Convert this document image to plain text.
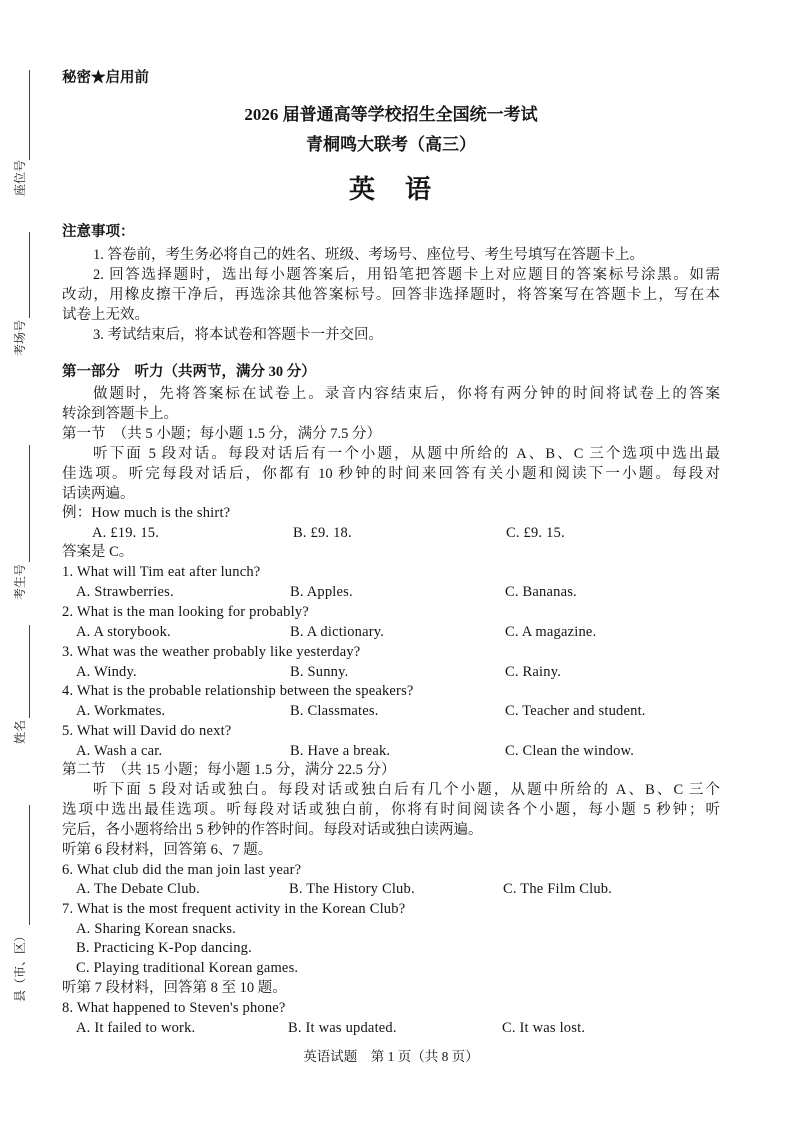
座位号
考场号
考生号
姓名
县（市、区）
秘密★启用前
2026 届普通高等学校招生全国统一考试
青桐鸣大联考（高三）
英　语
注意事项：
1. 答卷前，考生务必将自己的姓名、班级、考场号、座位号、考生号填写在答题卡上。
2. 回答选择题时，选出每小题答案后，用铅笔把答题卡上对应题目的答案标号涂黑。如需
改动，用橡皮擦干净后，再选涂其他答案标号。回答非选择题时，将答案写在答题卡上，写在本
试卷上无效。
3. 考试结束后，将本试卷和答题卡一并交回。
第一部分　听力（共两节，满分 30 分）
做题时，先将答案标在试卷上。录音内容结束后，你将有两分钟的时间将试卷上的答案
转涂到答题卡上。
第一节　（共 5 小题；每小题 1.5 分，满分 7.5 分）
听下面 5 段对话。每段对话后有一个小题，从题中所给的 A、B、C 三个选项中选出最
佳选项。听完每段对话后，你都有 10 秒钟的时间来回答有关小题和阅读下一小题。每段对
话读两遍。
例：How much is the shirt?
A. £19. 15.	B. £9. 18.	C. £9. 15.
答案是 C。
1. What will Tim eat after lunch?
A. Strawberries.	B. Apples.	C. Bananas.
2. What is the man looking for probably?
A. A storybook.	B. A dictionary.	C. A magazine.
3. What was the weather probably like yesterday?
A. Windy.	B. Sunny.	C. Rainy.
4. What is the probable relationship between the speakers?
A. Workmates.	B. Classmates.	C. Teacher and student.
5. What will David do next?
A. Wash a car.	B. Have a break.	C. Clean the window.
第二节　（共 15 小题；每小题 1.5 分，满分 22.5 分）
听下面 5 段对话或独白。每段对话或独白后有几个小题，从题中所给的 A、B、C 三个
选项中选出最佳选项。听每段对话或独白前，你将有时间阅读各个小题，每小题 5 秒钟；听
完后，各小题将给出 5 秒钟的作答时间。每段对话或独白读两遍。
听第 6 段材料，回答第 6、7 题。
6. What club did the man join last year?
A. The Debate Club.	B. The History Club.	C. The Film Club.
7. What is the most frequent activity in the Korean Club?
A. Sharing Korean snacks.
B. Practicing K-Pop dancing.
C. Playing traditional Korean games.
听第 7 段材料，回答第 8 至 10 题。
8. What happened to Steven's phone?
A. It failed to work.	B. It was updated.	C. It was lost.
英语试题　第 1 页（共 8 页）
